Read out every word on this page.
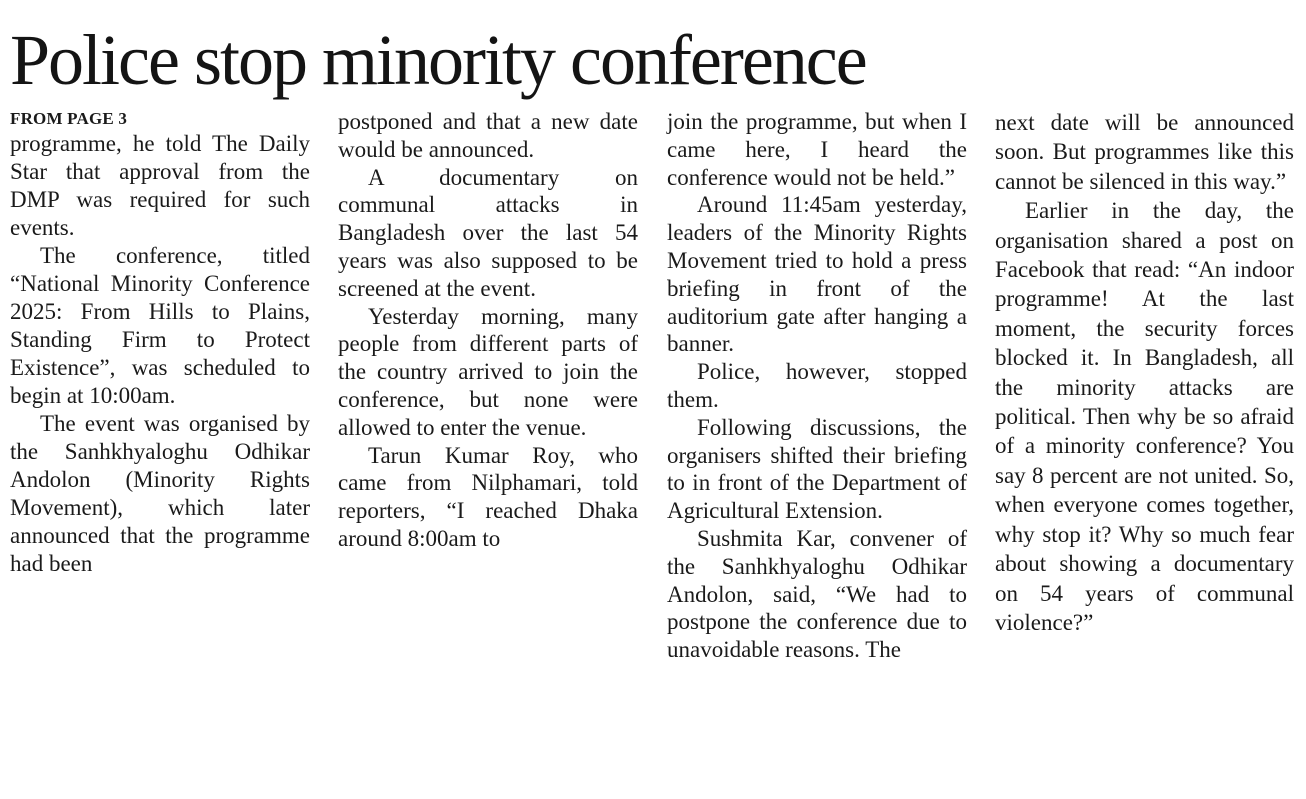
Police stop minority conference
FROM PAGE 3

programme, he told The Daily Star that approval from the DMP was required for such events.

The conference, titled “National Minority Conference 2025: From Hills to Plains, Standing Firm to Protect Existence”, was scheduled to begin at 10:00am.

The event was organised by the Sanhkhyaloghu Odhikar Andolon (Minority Rights Movement), which later announced that the programme had been

postponed and that a new date would be announced.

A documentary on communal attacks in Bangladesh over the last 54 years was also supposed to be screened at the event.

Yesterday morning, many people from different parts of the country arrived to join the conference, but none were allowed to enter the venue.

Tarun Kumar Roy, who came from Nilphamari, told reporters, “I reached Dhaka around 8:00am to

join the programme, but when I came here, I heard the conference would not be held.”

Around 11:45am yesterday, leaders of the Minority Rights Movement tried to hold a press briefing in front of the auditorium gate after hanging a banner.

Police, however, stopped them.

Following discussions, the organisers shifted their briefing to in front of the Department of Agricultural Extension.

Sushmita Kar, convener of the Sanhkhyaloghu Odhikar Andolon, said, “We had to postpone the conference due to unavoidable reasons. The

next date will be announced soon. But programmes like this cannot be silenced in this way.”

Earlier in the day, the organisation shared a post on Facebook that read: “An indoor programme! At the last moment, the security forces blocked it. In Bangladesh, all the minority attacks are political. Then why be so afraid of a minority conference? You say 8 percent are not united. So, when everyone comes together, why stop it? Why so much fear about showing a documentary on 54 years of communal violence?”
